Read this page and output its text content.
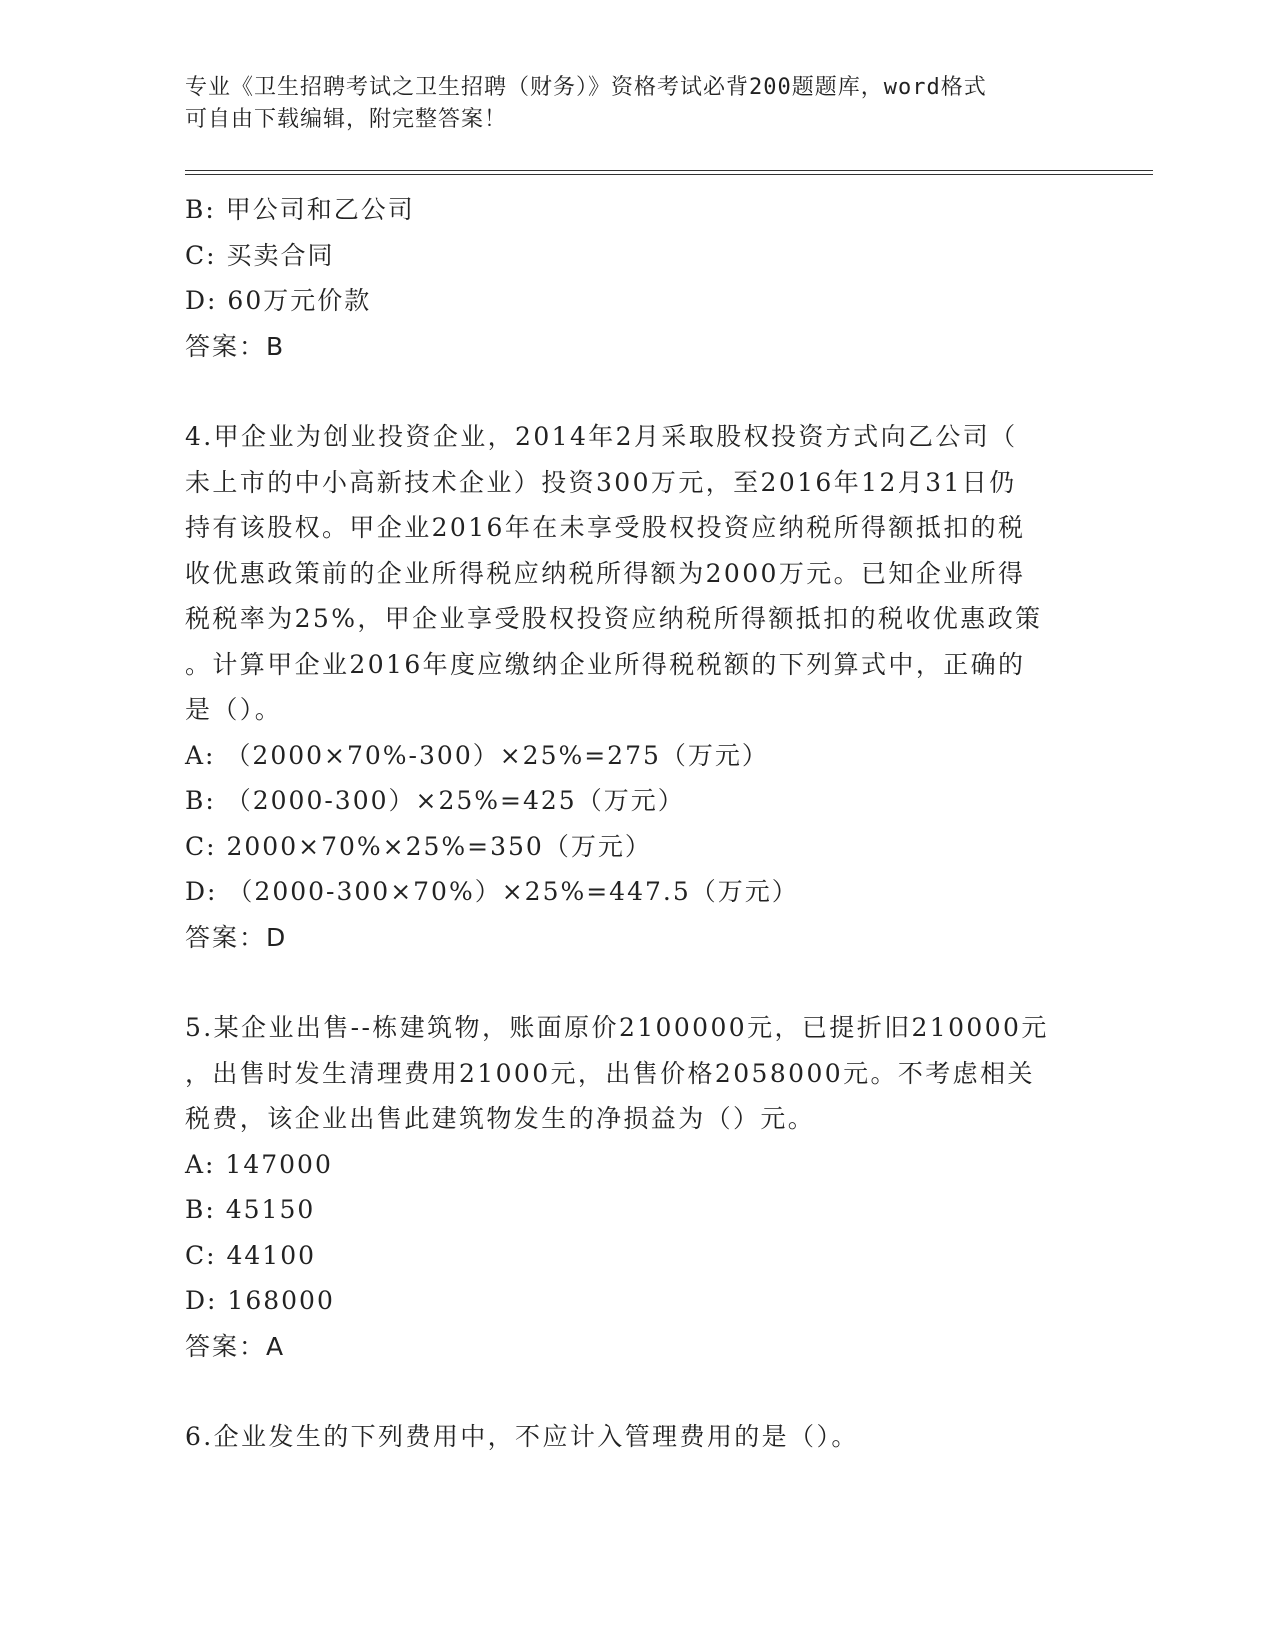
专业《卫生招聘考试之卫生招聘（财务）》资格考试必背200题题库，word格式
可自由下载编辑，附完整答案！
B: 甲公司和乙公司
C: 买卖合同
D: 60万元价款
答案：B
4.甲企业为创业投资企业，2014年2月采取股权投资方式向乙公司（
未上市的中小高新技术企业）投资300万元，至2016年12月31日仍
持有该股权。甲企业2016年在未享受股权投资应纳税所得额抵扣的税
收优惠政策前的企业所得税应纳税所得额为2000万元。已知企业所得
税税率为25%，甲企业享受股权投资应纳税所得额抵扣的税收优惠政策
。计算甲企业2016年度应缴纳企业所得税税额的下列算式中，正确的
是（）。
A: （2000×70%-300）×25%=275（万元）
B: （2000-300）×25%=425（万元）
C: 2000×70%×25%=350（万元）
D: （2000-300×70%）×25%=447.5（万元）
答案：D
5.某企业出售--栋建筑物，账面原价2100000元，已提折旧210000元
，出售时发生清理费用21000元，出售价格2058000元。不考虑相关
税费，该企业出售此建筑物发生的净损益为（）元。
A: 147000
B: 45150
C: 44100
D: 168000
答案：A
6.企业发生的下列费用中，不应计入管理费用的是（）。
